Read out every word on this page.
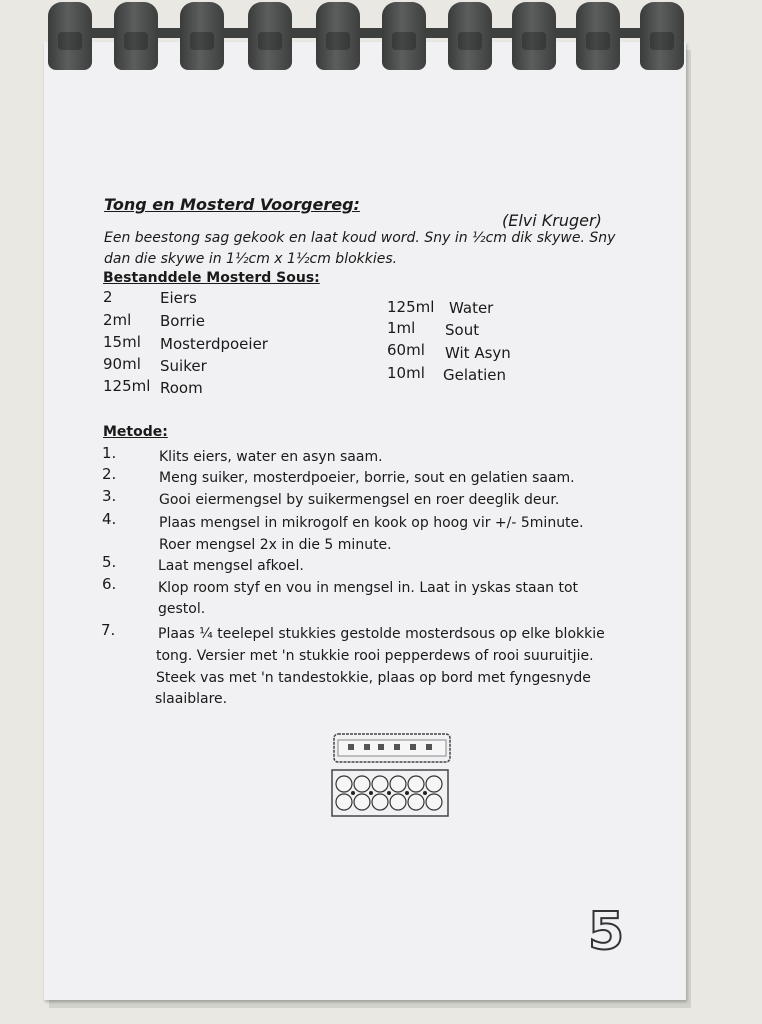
Tong en Mosterd Voorgereg:
(Elvi Kruger)
Een beestong sag gekook en laat koud word. Sny in ½cm dik skywe. Sny
dan die skywe in 1½cm x 1½cm blokkies.
Bestanddele Mosterd Sous:
2	Eiers
2ml Borrie
15ml Mosterdpoeier
90ml Suiker
125ml Room
125ml Water
1ml Sout
60ml Wit Asyn
10ml Gelatien
Metode:
1.	Klits eiers, water en asyn saam.
2.	Meng suiker, mosterdpoeier, borrie, sout en gelatien saam.
3.	Gooi eiermengsel by suikermengsel en roer deeglik deur.
4.	Plaas mengsel in mikrogolf en kook op hoog vir +/- 5minute.
Roer mengsel 2x in die 5 minute.
5.	Laat mengsel afkoel.
6.	Klop room styf en vou in mengsel in. Laat in yskas staan tot
gestol.
7.	Plaas ¼ teelepel stukkies gestolde mosterdsous op elke blokkie
tong. Versier met 'n stukkie rooi pepperdews of rooi suuruitjie.
Steek vas met 'n tandestokkie, plaas op bord met fyngesnyde
slaaiblare.
5
